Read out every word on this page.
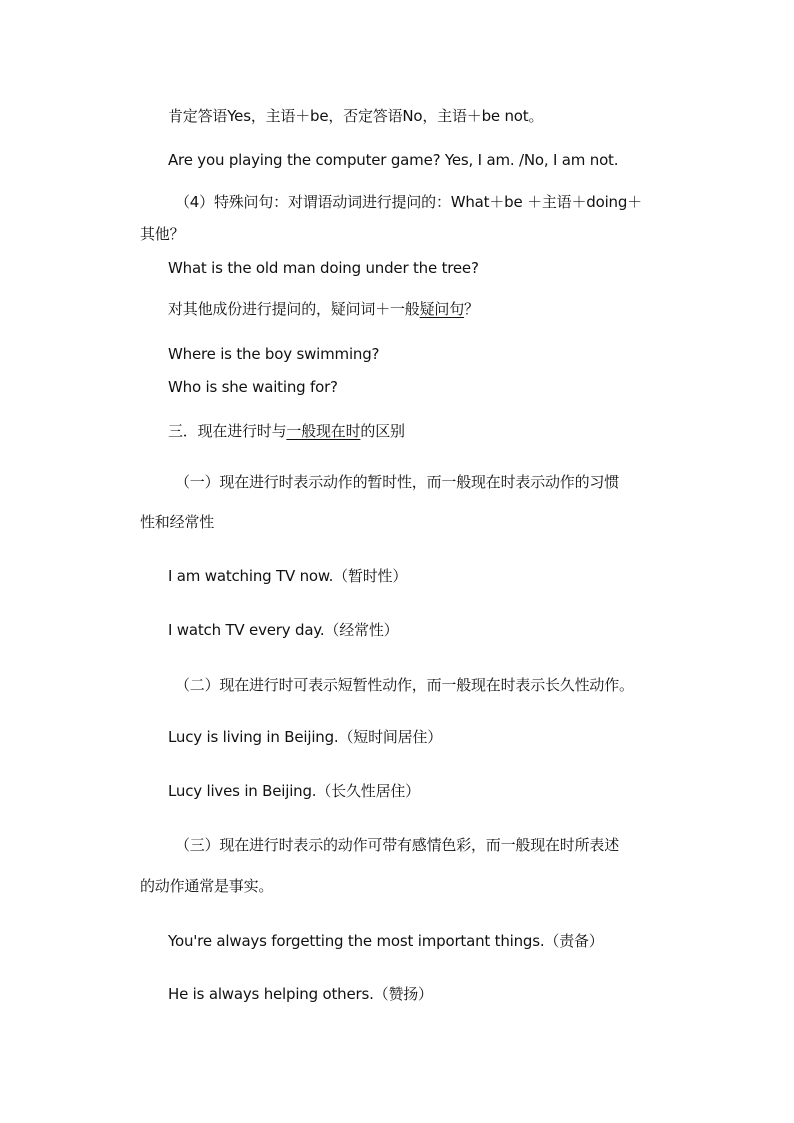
肯定答语Yes，主语＋be，否定答语No，主语＋be not。
Are you playing the computer game? Yes, I am. /No, I am not.
（4）特殊问句：对谓语动词进行提问的：What＋be ＋主语＋doing＋
其他？
What is the old man doing under the tree?
对其他成份进行提问的，疑问词＋一般疑问句？
Where is the boy swimming?
Who is she waiting for?
三．现在进行时与一般现在时的区别
（一）现在进行时表示动作的暂时性，而一般现在时表示动作的习惯
性和经常性
I am watching TV now.（暂时性）
I watch TV every day.（经常性）
（二）现在进行时可表示短暂性动作，而一般现在时表示长久性动作。
Lucy is living in Beijing.（短时间居住）
Lucy lives in Beijing.（长久性居住）
（三）现在进行时表示的动作可带有感情色彩，而一般现在时所表述
的动作通常是事实。
You're always forgetting the most important things.（责备）
He is always helping others.（赞扬）
